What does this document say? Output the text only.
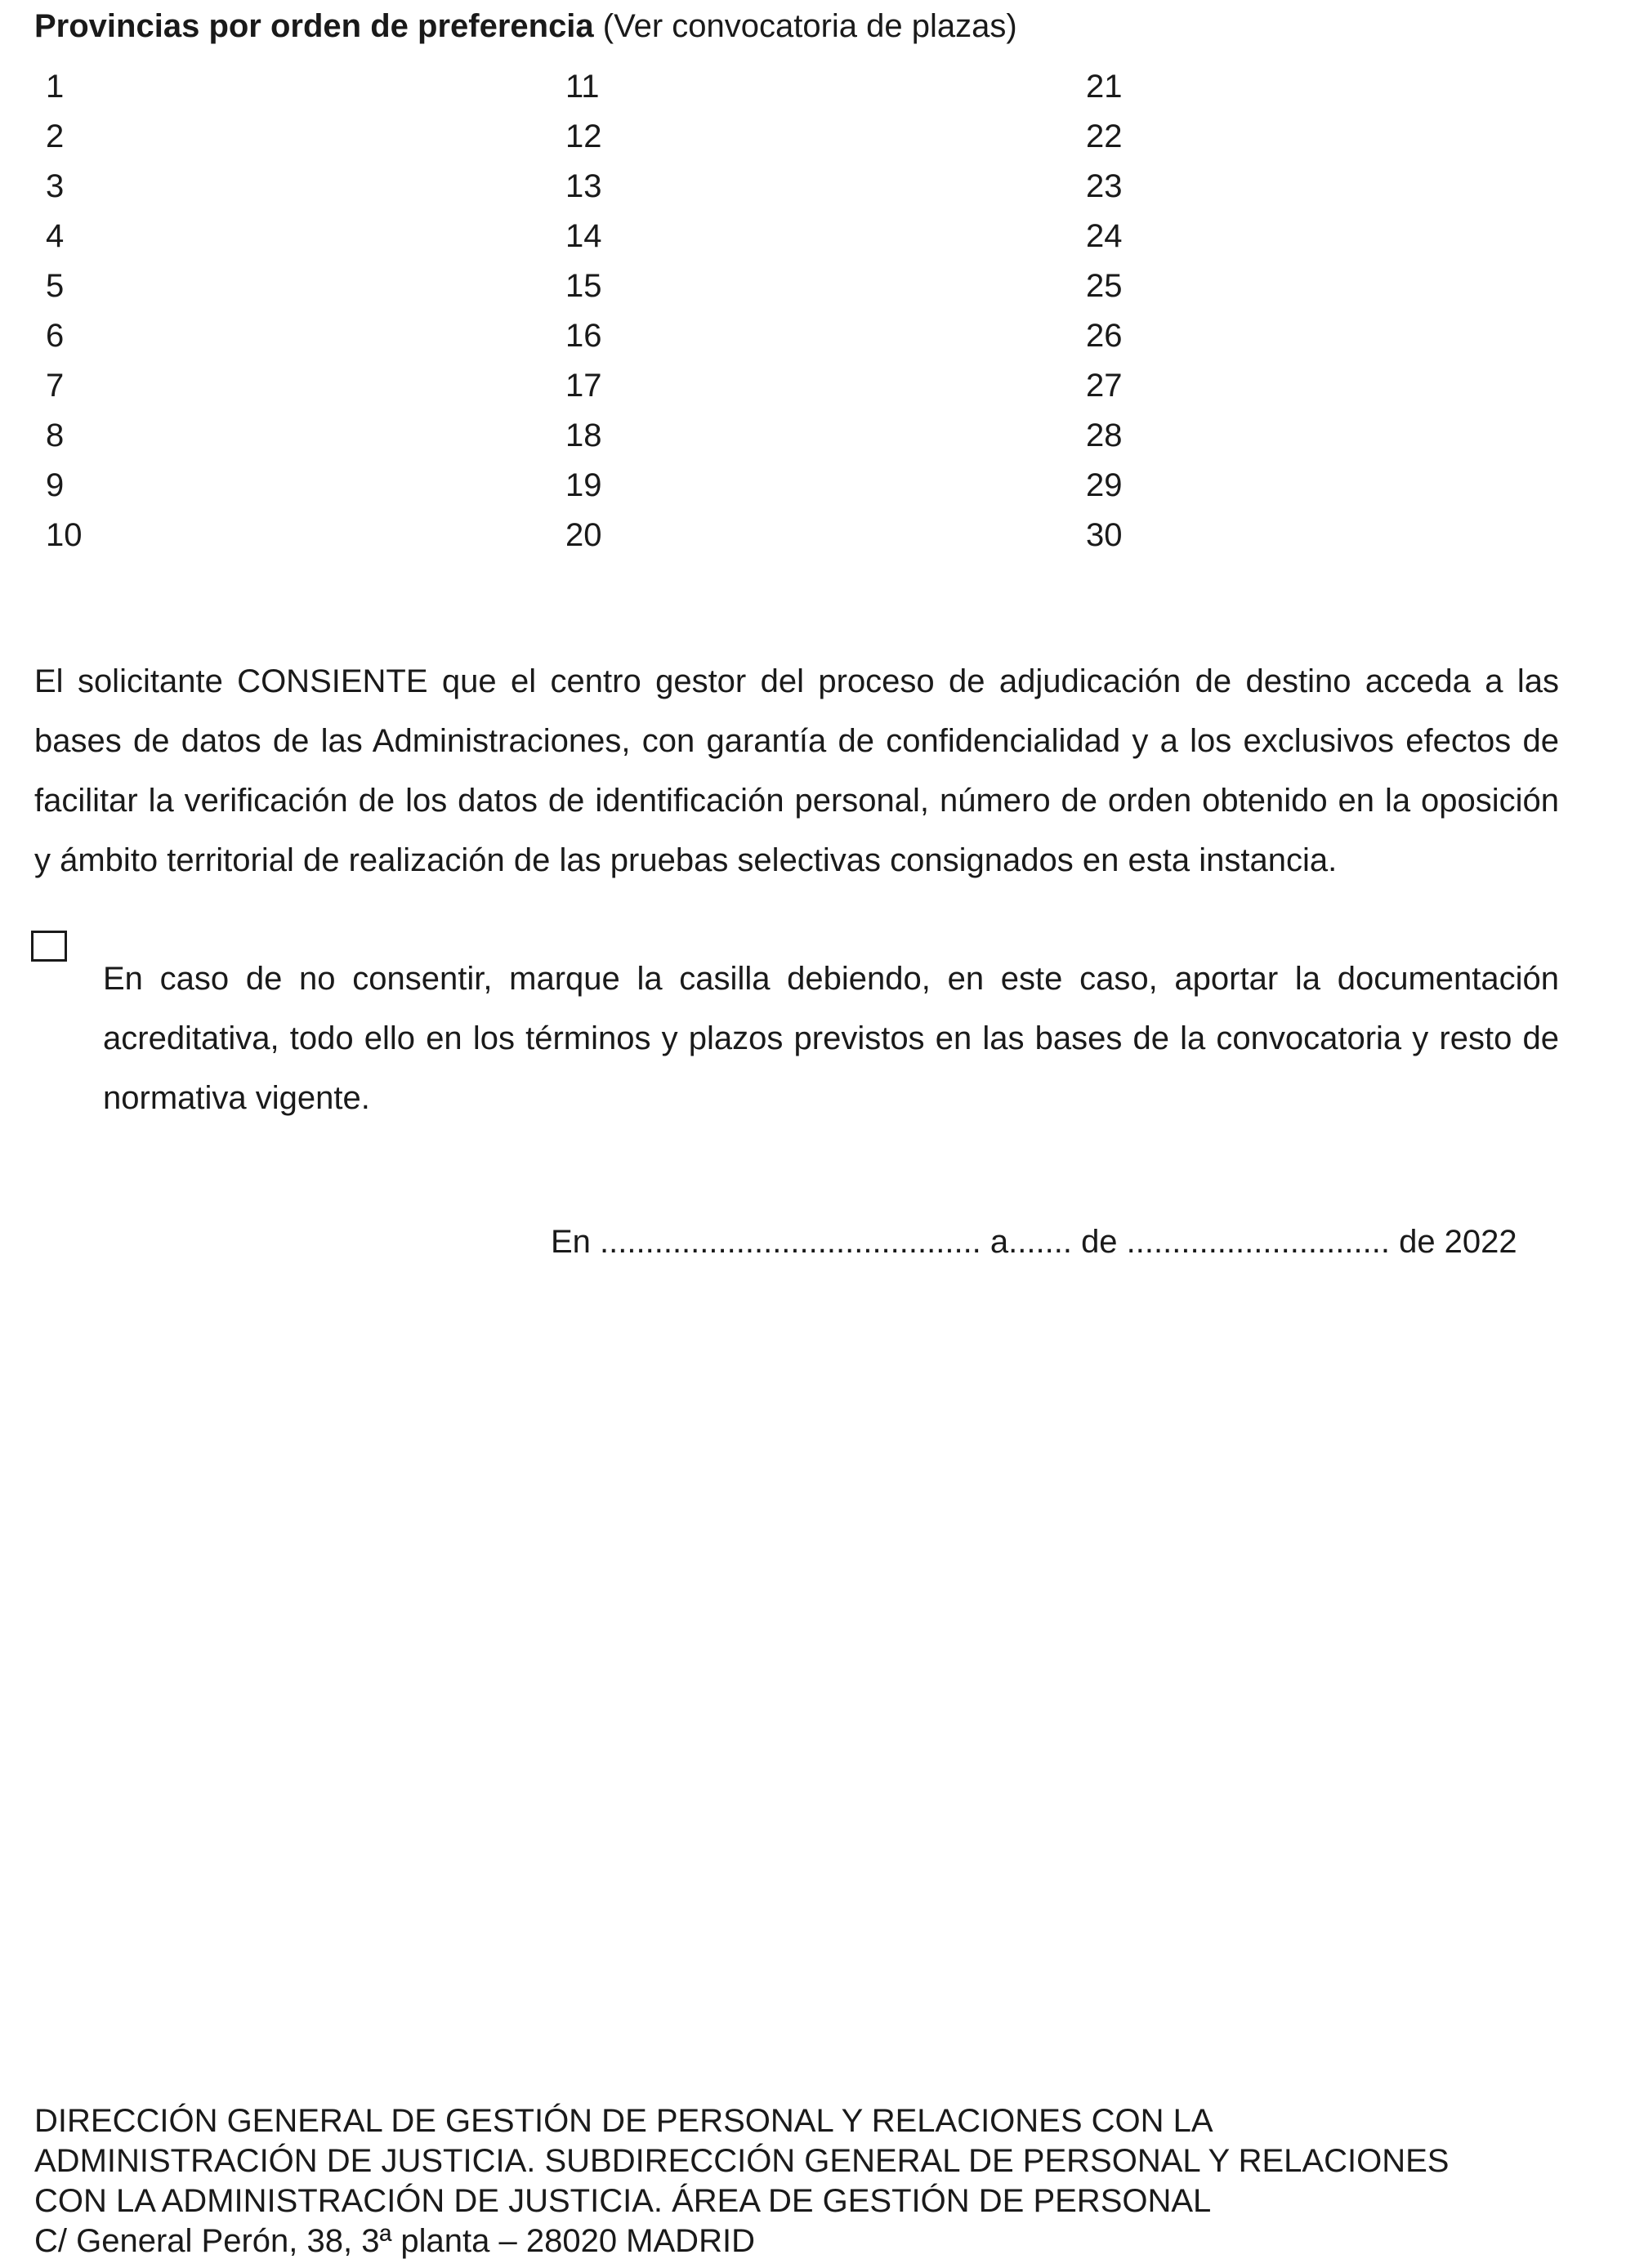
Provincias por orden de preferencia (Ver convocatoria de plazas)
1
2
3
4
5
6
7
8
9
10
11
12
13
14
15
16
17
18
19
20
21
22
23
24
25
26
27
28
29
30

El solicitante CONSIENTE que el centro gestor del proceso de adjudicación de destino acceda a las bases de datos de las Administraciones, con garantía de confidencialidad y a los exclusivos efectos de facilitar la verificación de los datos de identificación personal, número de orden obtenido en la oposición y ámbito territorial de realización de las pruebas selectivas consignados en esta instancia.

En caso de no consentir, marque la casilla debiendo, en este caso, aportar la documentación acreditativa, todo ello en los términos y plazos previstos en las bases de la convocatoria y resto de normativa vigente.

En .......................................... a....... de ............................. de 2022
DIRECCIÓN GENERAL DE GESTIÓN DE PERSONAL Y RELACIONES CON LA
ADMINISTRACIÓN DE JUSTICIA. SUBDIRECCIÓN GENERAL DE PERSONAL Y RELACIONES
CON LA ADMINISTRACIÓN DE JUSTICIA. ÁREA DE GESTIÓN DE PERSONAL
C/ General Perón, 38, 3ª planta – 28020 MADRID
